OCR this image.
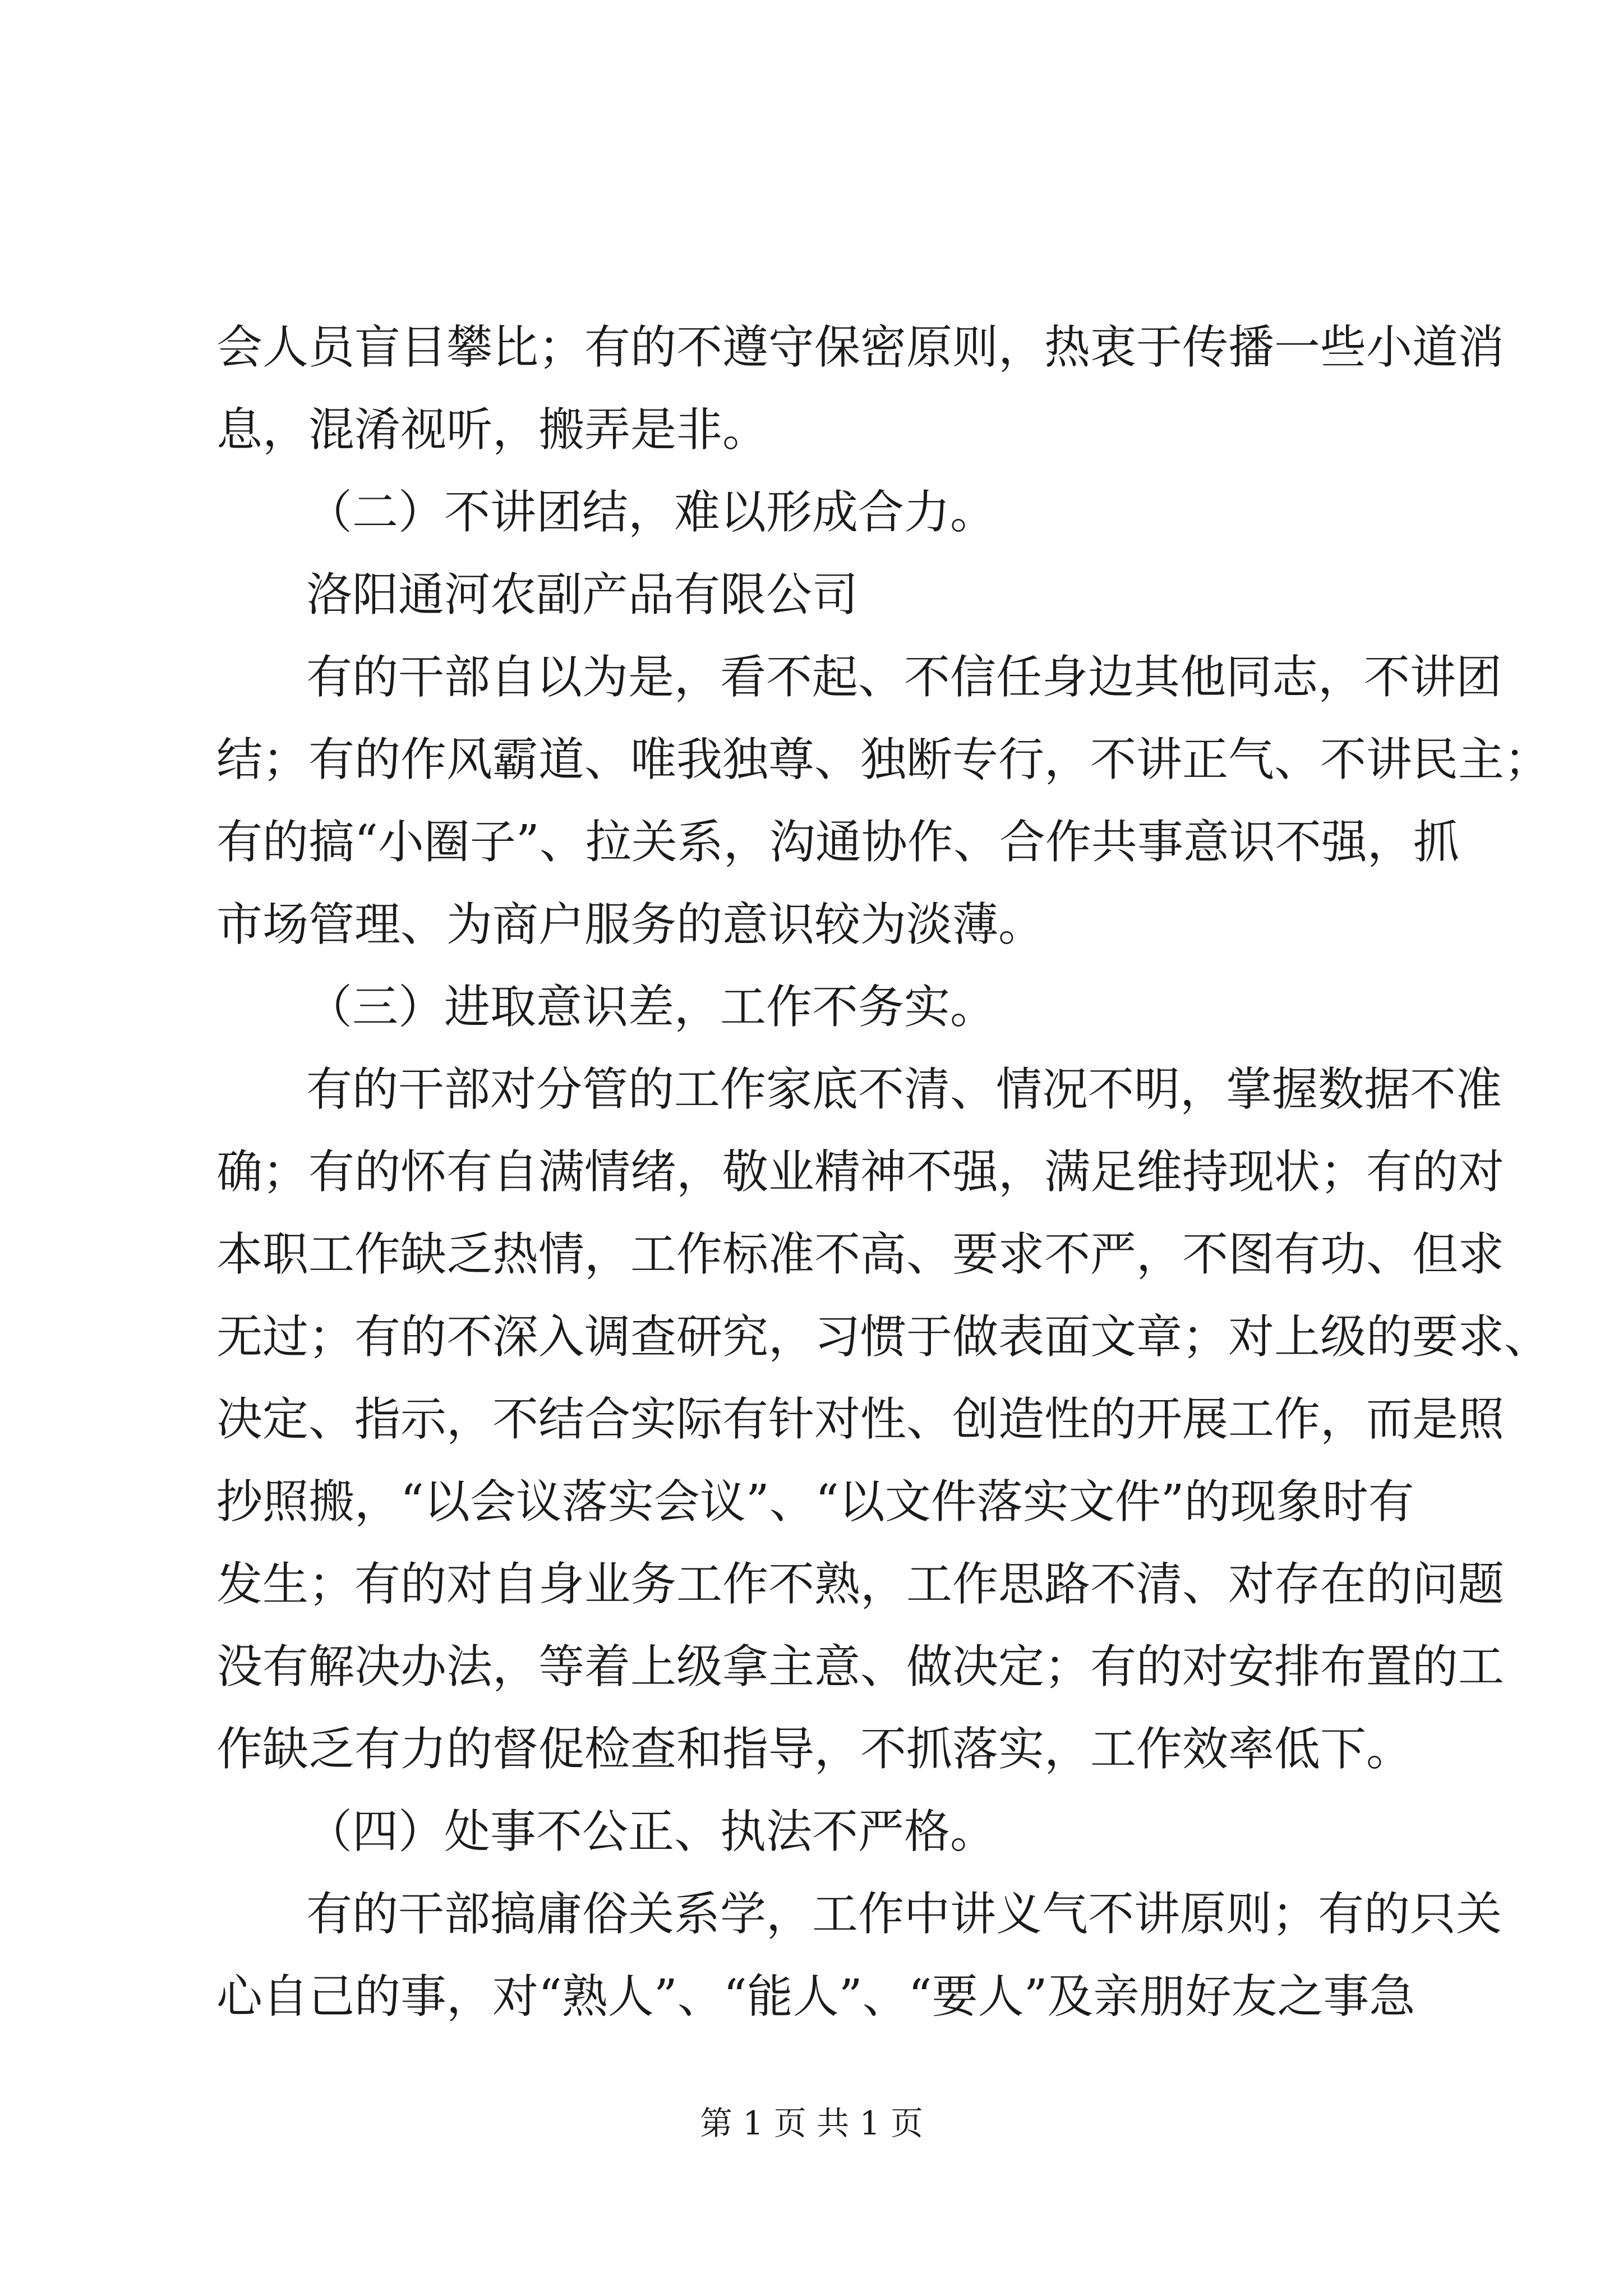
会人员盲目攀比；有的不遵守保密原则，热衷于传播一些小道消
息，混淆视听，搬弄是非。
（二）不讲团结，难以形成合力。
洛阳通河农副产品有限公司
有的干部自以为是，看不起、不信任身边其他同志，不讲团
结；有的作风霸道、唯我独尊、独断专行，不讲正气、不讲民主；
有的搞“小圈子”、拉关系，沟通协作、合作共事意识不强，抓
市场管理、为商户服务的意识较为淡薄。
（三）进取意识差，工作不务实。
有的干部对分管的工作家底不清、情况不明，掌握数据不准
确；有的怀有自满情绪，敬业精神不强，满足维持现状；有的对
本职工作缺乏热情，工作标准不高、要求不严，不图有功、但求
无过；有的不深入调查研究，习惯于做表面文章；对上级的要求、
决定、指示，不结合实际有针对性、创造性的开展工作，而是照
抄照搬，“以会议落实会议”、“以文件落实文件”的现象时有
发生；有的对自身业务工作不熟，工作思路不清、对存在的问题
没有解决办法，等着上级拿主意、做决定；有的对安排布置的工
作缺乏有力的督促检查和指导，不抓落实，工作效率低下。
（四）处事不公正、执法不严格。
有的干部搞庸俗关系学，工作中讲义气不讲原则；有的只关
心自己的事，对“熟人”、“能人”、“要人”及亲朋好友之事急
第 1 页 共 1 页
